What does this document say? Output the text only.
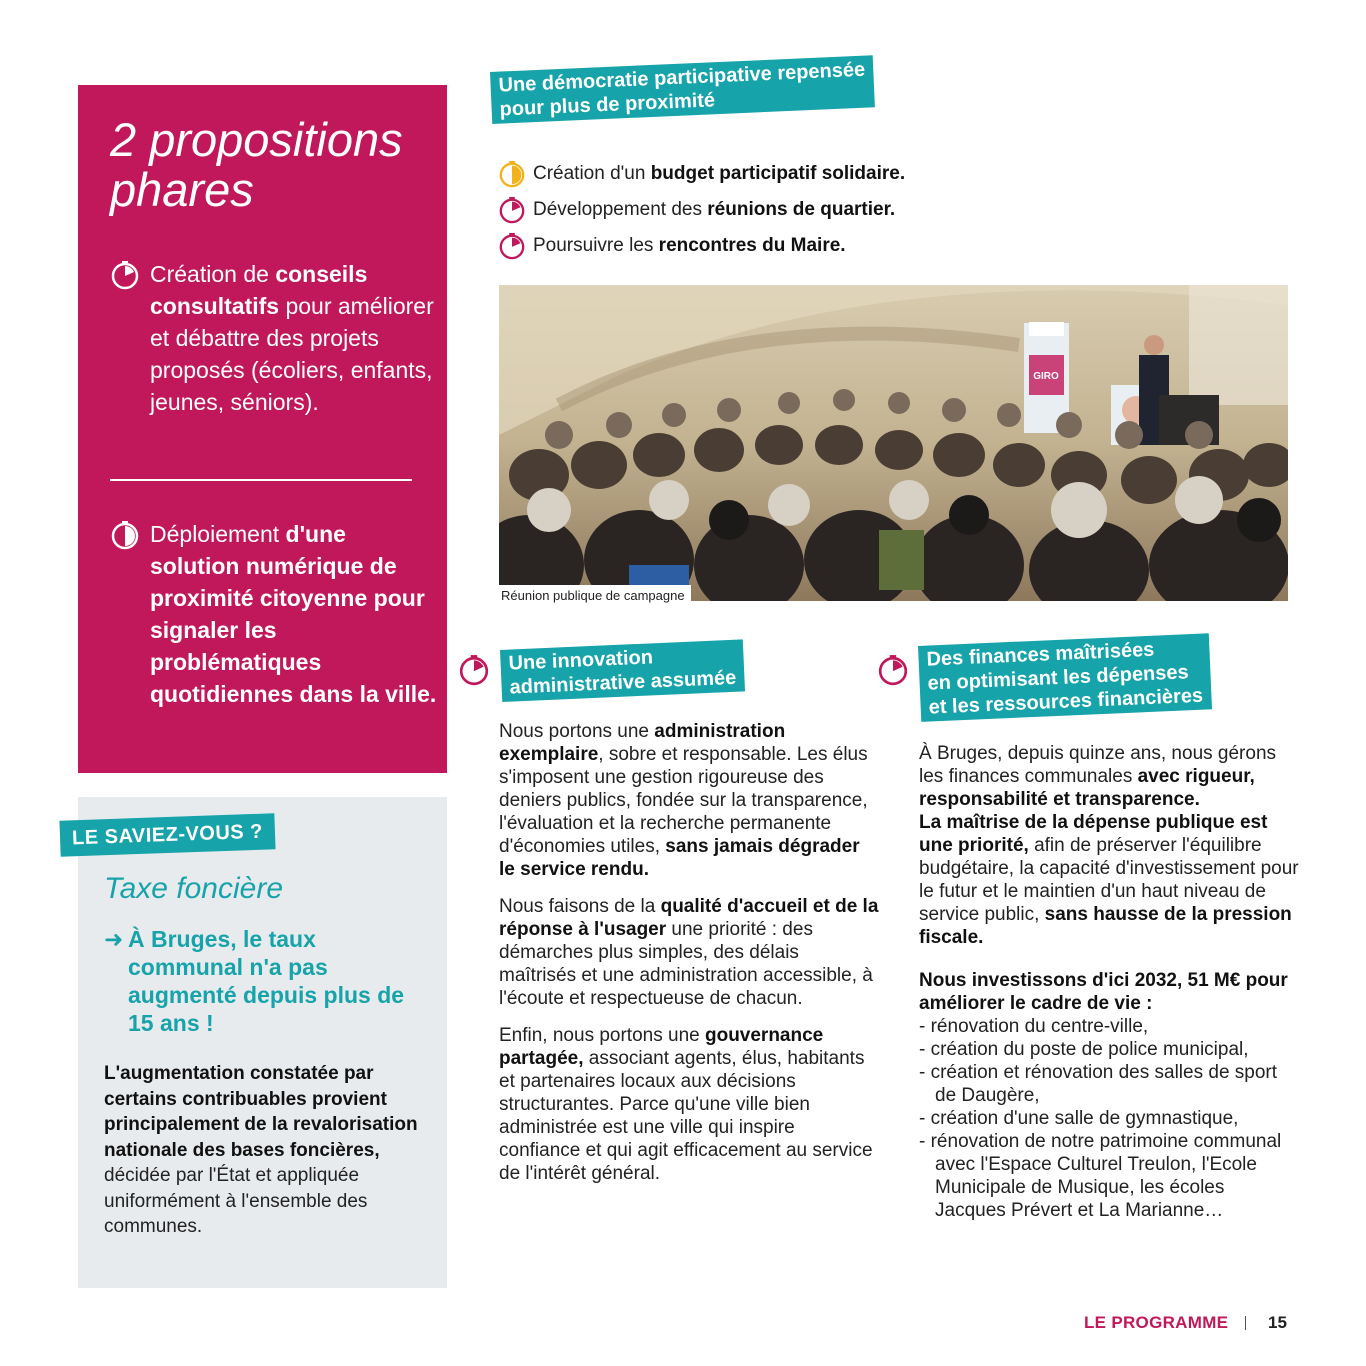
2 propositions
phares
Création de conseils consultatifs pour améliorer et débattre des projets proposés (écoliers, enfants, jeunes, séniors).
Déploiement d'une solution numérique de proximité citoyenne pour signaler les problématiques quotidiennes dans la ville.
LE SAVIEZ-VOUS ?
Taxe foncière
➜ À Bruges, le taux communal n'a pas augmenté depuis plus de 15 ans !
L'augmentation constatée par certains contribuables provient principalement de la revalorisation nationale des bases foncières, décidée par l'État et appliquée uniformément à l'ensemble des communes.
Une démocratie participative repensée
pour plus de proximité
Création d'un budget participatif solidaire.
Développement des réunions de quartier.
Poursuivre les rencontres du Maire.
GIRO
Réunion publique de campagne
Une innovation
administrative assumée

Nous portons une administration exemplaire, sobre et responsable. Les élus s'imposent une gestion rigoureuse des deniers publics, fondée sur la transparence, l'évaluation et la recherche permanente d'économies utiles, sans jamais dégrader le service rendu.

Nous faisons de la qualité d'accueil et de la réponse à l'usager une priorité : des démarches plus simples, des délais maîtrisés et une administration accessible, à l'écoute et respectueuse de chacun.

Enfin, nous portons une gouvernance partagée, associant agents, élus, habitants et partenaires locaux aux décisions structurantes. Parce qu'une ville bien administrée est une ville qui inspire confiance et qui agit efficacement au service de l'intérêt général.

Des finances maîtrisées
en optimisant les dépenses
et les ressources financières

À Bruges, depuis quinze ans, nous gérons les finances communales avec rigueur, responsabilité et transparence.
La maîtrise de la dépense publique est une priorité, afin de préserver l'équilibre budgétaire, la capacité d'investissement pour le futur et le maintien d'un haut niveau de service public, sans hausse de la pression fiscale.

Nous investissons d'ici 2032, 51 M€ pour améliorer le cadre de vie :
- rénovation du centre-ville,
- création du poste de police municipal,
- création et rénovation des salles de sport de Daugère,
- création d'une salle de gymnastique,
- rénovation de notre patrimoine communal avec l'Espace Culturel Treulon, l'Ecole Municipale de Musique, les écoles Jacques Prévert et La Marianne…
LE PROGRAMME 15
